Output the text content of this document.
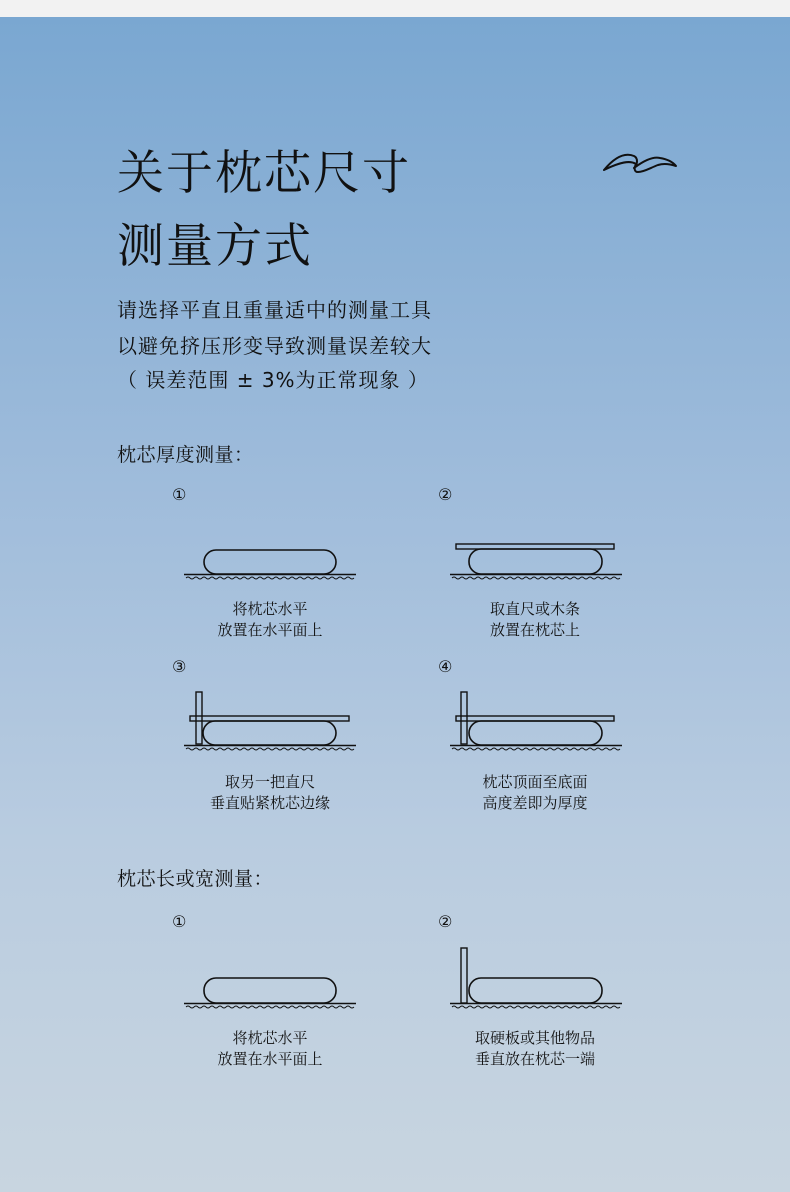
关于枕芯尺寸
测量方式
请选择平直且重量适中的测量工具
以避免挤压形变导致测量误差较大
（ 误差范围 ± 3%为正常现象 ）
枕芯厚度测量：
①
将枕芯水平
放置在水平面上
②
取直尺或木条
放置在枕芯上
③
取另一把直尺
垂直贴紧枕芯边缘
④
枕芯顶面至底面
高度差即为厚度
枕芯长或宽测量：
①
将枕芯水平
放置在水平面上
②
取硬板或其他物品
垂直放在枕芯一端
